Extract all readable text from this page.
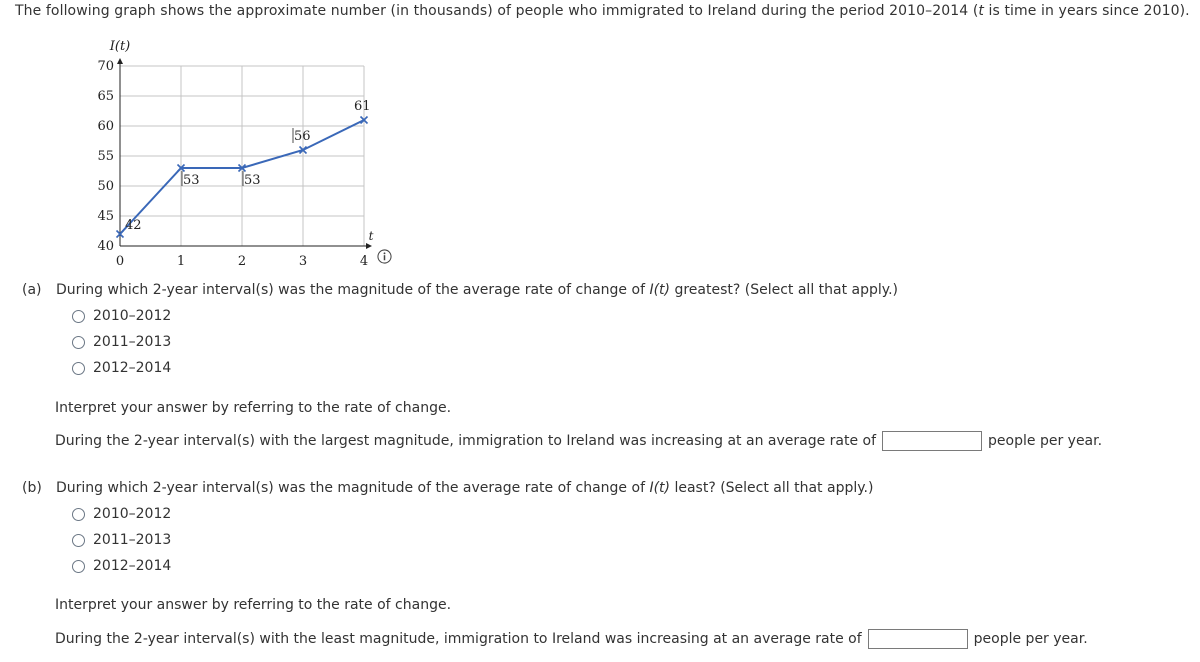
The following graph shows the approximate number (in thousands) of people who immigrated to Ireland during the period 2010–2014 (t is time in years since 2010).
I(t)
t
40
45
50
55
60
65
70
0	1	2	3	4
42
53	53
56
61
(a) During which 2-year interval(s) was the magnitude of the average rate of change of I(t) greatest? (Select all that apply.)
2010–2012
2011–2013
2012–2014
Interpret your answer by referring to the rate of change.
During the 2-year interval(s) with the largest magnitude, immigration to Ireland was increasing at an average rate of	people per year.
(b) During which 2-year interval(s) was the magnitude of the average rate of change of I(t) least? (Select all that apply.)
2010–2012
2011–2013
2012–2014
Interpret your answer by referring to the rate of change.
During the 2-year interval(s) with the least magnitude, immigration to Ireland was increasing at an average rate of	people per year.
